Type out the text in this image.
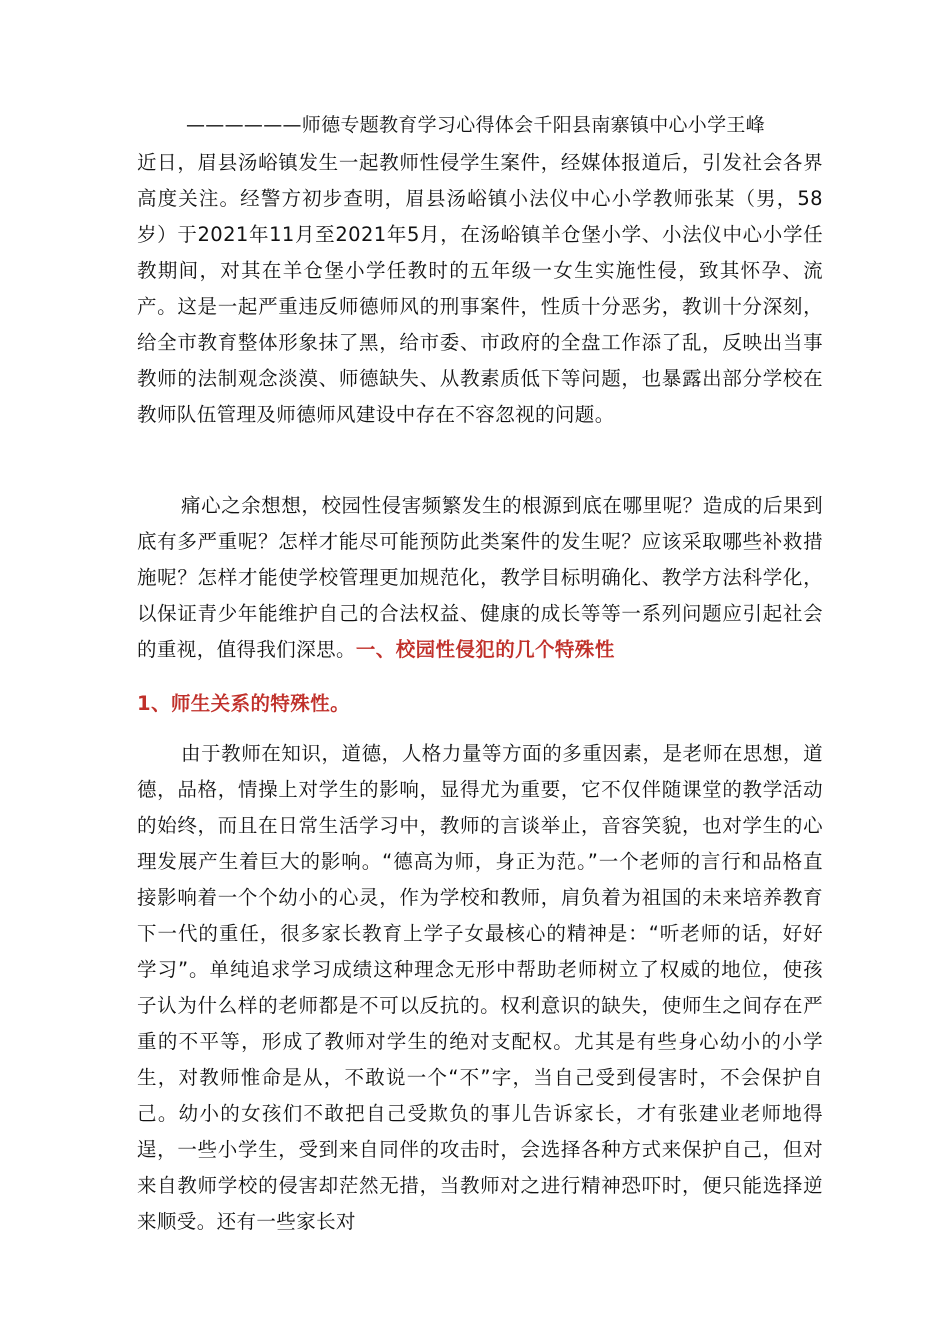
——————师德专题教育学习心得体会千阳县南寨镇中心小学王峰

近日，眉县汤峪镇发生一起教师性侵学生案件，经媒体报道后，引发社会各界高度关注。经警方初步查明，眉县汤峪镇小法仪中心小学教师张某（男，58岁）于2021年11月至2021年5月，在汤峪镇羊仓堡小学、小法仪中心小学任教期间，对其在羊仓堡小学任教时的五年级一女生实施性侵，致其怀孕、流产。这是一起严重违反师德师风的刑事案件，性质十分恶劣，教训十分深刻，给全市教育整体形象抹了黑，给市委、市政府的全盘工作添了乱，反映出当事教师的法制观念淡漠、师德缺失、从教素质低下等问题，也暴露出部分学校在教师队伍管理及师德师风建设中存在不容忽视的问题。

痛心之余想想，校园性侵害频繁发生的根源到底在哪里呢？造成的后果到底有多严重呢？怎样才能尽可能预防此类案件的发生呢？应该采取哪些补救措施呢？怎样才能使学校管理更加规范化，教学目标明确化、教学方法科学化，以保证青少年能维护自己的合法权益、健康的成长等等一系列问题应引起社会的重视，值得我们深思。一、校园性侵犯的几个特殊性

1、师生关系的特殊性。

由于教师在知识，道德，人格力量等方面的多重因素，是老师在思想，道德，品格，情操上对学生的影响，显得尤为重要，它不仅伴随课堂的教学活动的始终，而且在日常生活学习中，教师的言谈举止，音容笑貌，也对学生的心理发展产生着巨大的影响。“德高为师，身正为范。”一个老师的言行和品格直接影响着一个个幼小的心灵，作为学校和教师，肩负着为祖国的未来培养教育下一代的重任，很多家长教育上学子女最核心的精神是：“听老师的话，好好学习”。单纯追求学习成绩这种理念无形中帮助老师树立了权威的地位，使孩子认为什么样的老师都是不可以反抗的。权利意识的缺失，使师生之间存在严重的不平等，形成了教师对学生的绝对支配权。尤其是有些身心幼小的小学生，对教师惟命是从，不敢说一个“不”字，当自己受到侵害时，不会保护自己。幼小的女孩们不敢把自己受欺负的事儿告诉家长，才有张建业老师地得逞，一些小学生，受到来自同伴的攻击时，会选择各种方式来保护自己，但对来自教师学校的侵害却茫然无措，当教师对之进行精神恐吓时，便只能选择逆来顺受。还有一些家长对
